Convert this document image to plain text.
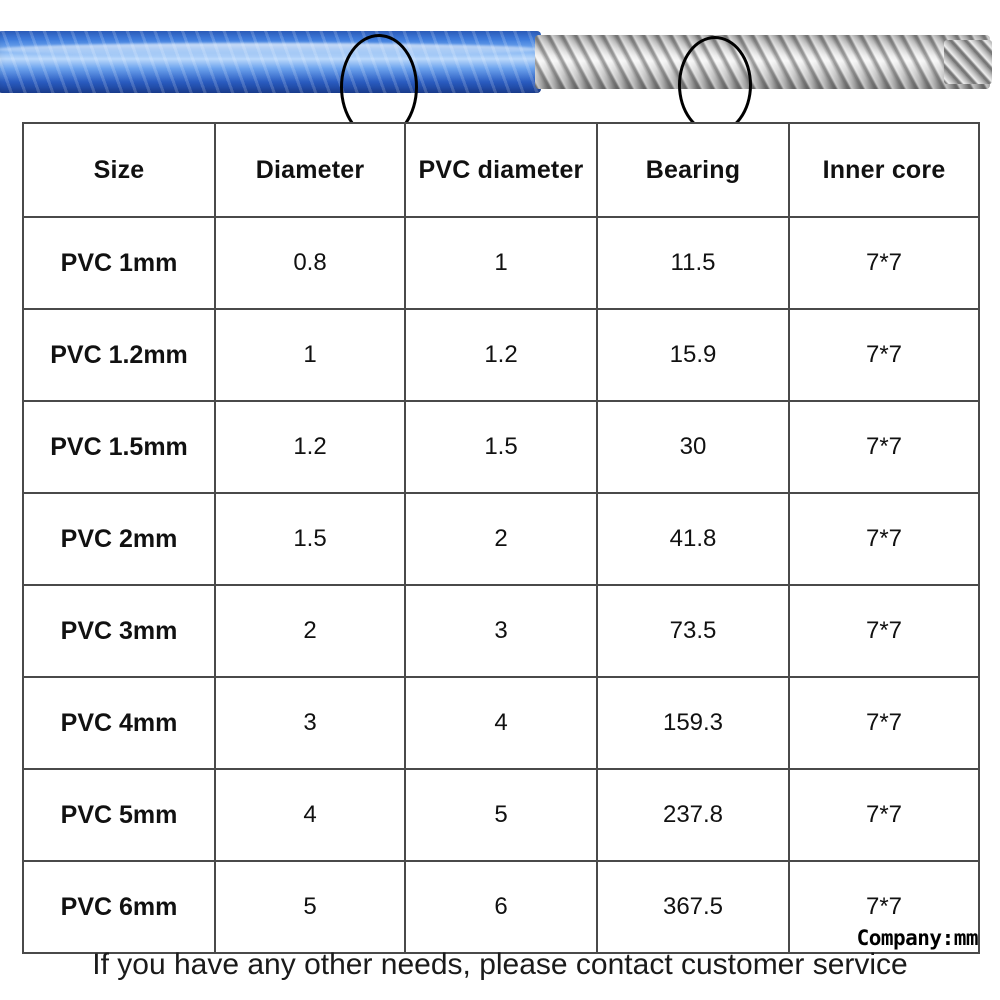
Size	Diameter	PVC diameter	Bearing	Inner core
PVC 1mm	0.8	1	11.5	7*7
PVC 1.2mm	1	1.2	15.9	7*7
PVC 1.5mm	1.2	1.5	30	7*7
PVC 2mm	1.5	2	41.8	7*7
PVC 3mm	2	3	73.5	7*7
PVC 4mm	3	4	159.3	7*7
PVC 5mm	4	5	237.8	7*7
PVC 6mm	5	6	367.5	7*7
Company:mm
If you have any other needs, please contact customer service
